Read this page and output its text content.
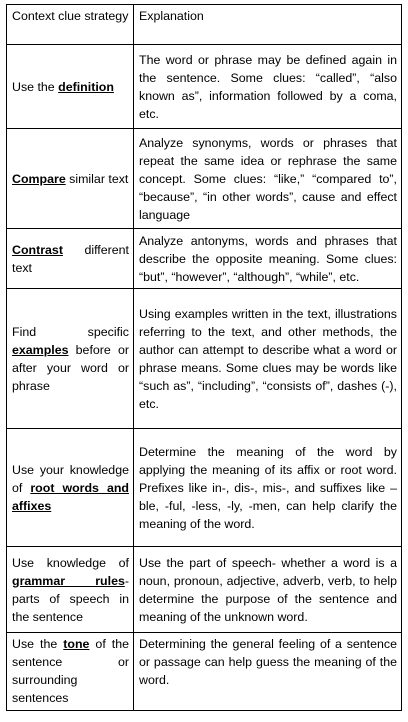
Context clue strategy	Explanation
Use the definition	The word or phrase may be defined again in the sentence. Some clues: “called”, “also known as”, information followed by a coma, etc.
Compare similar text	Analyze synonyms, words or phrases that repeat the same idea or rephrase the same concept. Some clues: “like,” “compared to”, “because”, “in other words”, cause and effect language
Contrast different text	Analyze antonyms, words and phrases that describe the opposite meaning. Some clues: “but”, “however”, “although”, “while”, etc.
Find specific examples before or after your word or phrase	Using examples written in the text, illustrations referring to the text, and other methods, the author can attempt to describe what a word or phrase means. Some clues may be words like “such as”, “including”, “consists of”, dashes (-), etc.
Use your knowledge of root words and affixes	Determine the meaning of the word by applying the meaning of its affix or root word. Prefixes like in-, dis-, mis-, and suffixes like –ble, -ful, -less, -ly, -men, can help clarify the meaning of the word.
Use knowledge of grammar rules- parts of speech in the sentence	Use the part of speech- whether a word is a noun, pronoun, adjective, adverb, verb, to help determine the purpose of the sentence and meaning of the unknown word.
Use the tone of the sentence or surrounding sentences	Determining the general feeling of a sentence or passage can help guess the meaning of the word.
